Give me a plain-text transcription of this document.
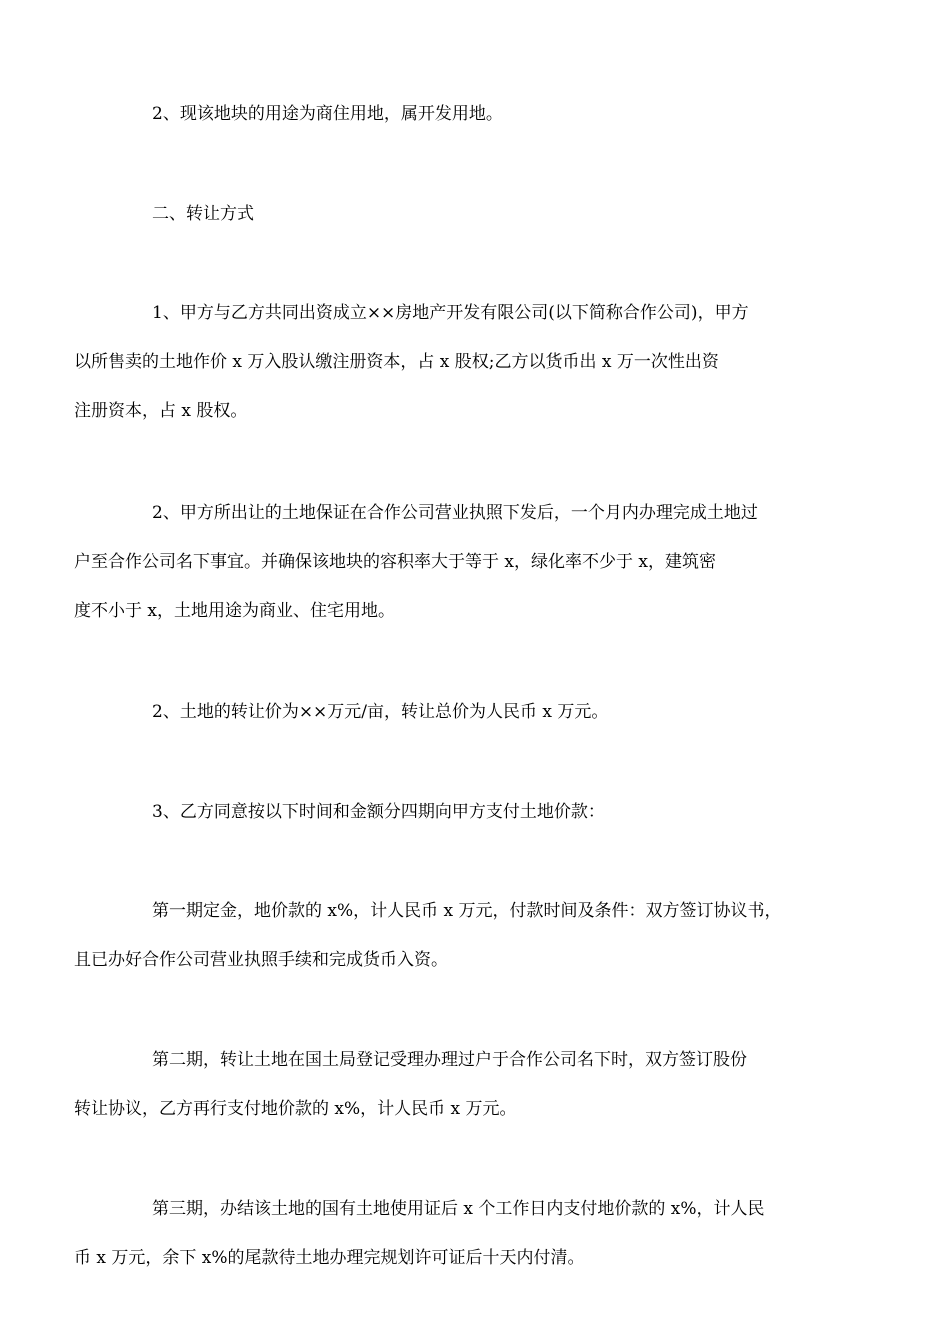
2、现该地块的用途为商住用地，属开发用地。

二、转让方式

1、甲方与乙方共同出资成立××房地产开发有限公司(以下简称合作公司)，甲方
以所售卖的土地作价 x 万入股认缴注册资本，占 x 股权;乙方以货币出 x 万一次性出资
注册资本，占 x 股权。

2、甲方所出让的土地保证在合作公司营业执照下发后，一个月内办理完成土地过
户至合作公司名下事宜。并确保该地块的容积率大于等于 x，绿化率不少于 x，建筑密
度不小于 x，土地用途为商业、住宅用地。

2、土地的转让价为××万元/亩，转让总价为人民币 x 万元。

3、乙方同意按以下时间和金额分四期向甲方支付土地价款：

第一期定金，地价款的 x%，计人民币 x 万元，付款时间及条件：双方签订协议书，
且已办好合作公司营业执照手续和完成货币入资。

第二期，转让土地在国土局登记受理办理过户于合作公司名下时，双方签订股份
转让协议，乙方再行支付地价款的 x%，计人民币 x 万元。

第三期，办结该土地的国有土地使用证后 x 个工作日内支付地价款的 x%，计人民
币 x 万元，余下 x%的尾款待土地办理完规划许可证后十天内付清。
